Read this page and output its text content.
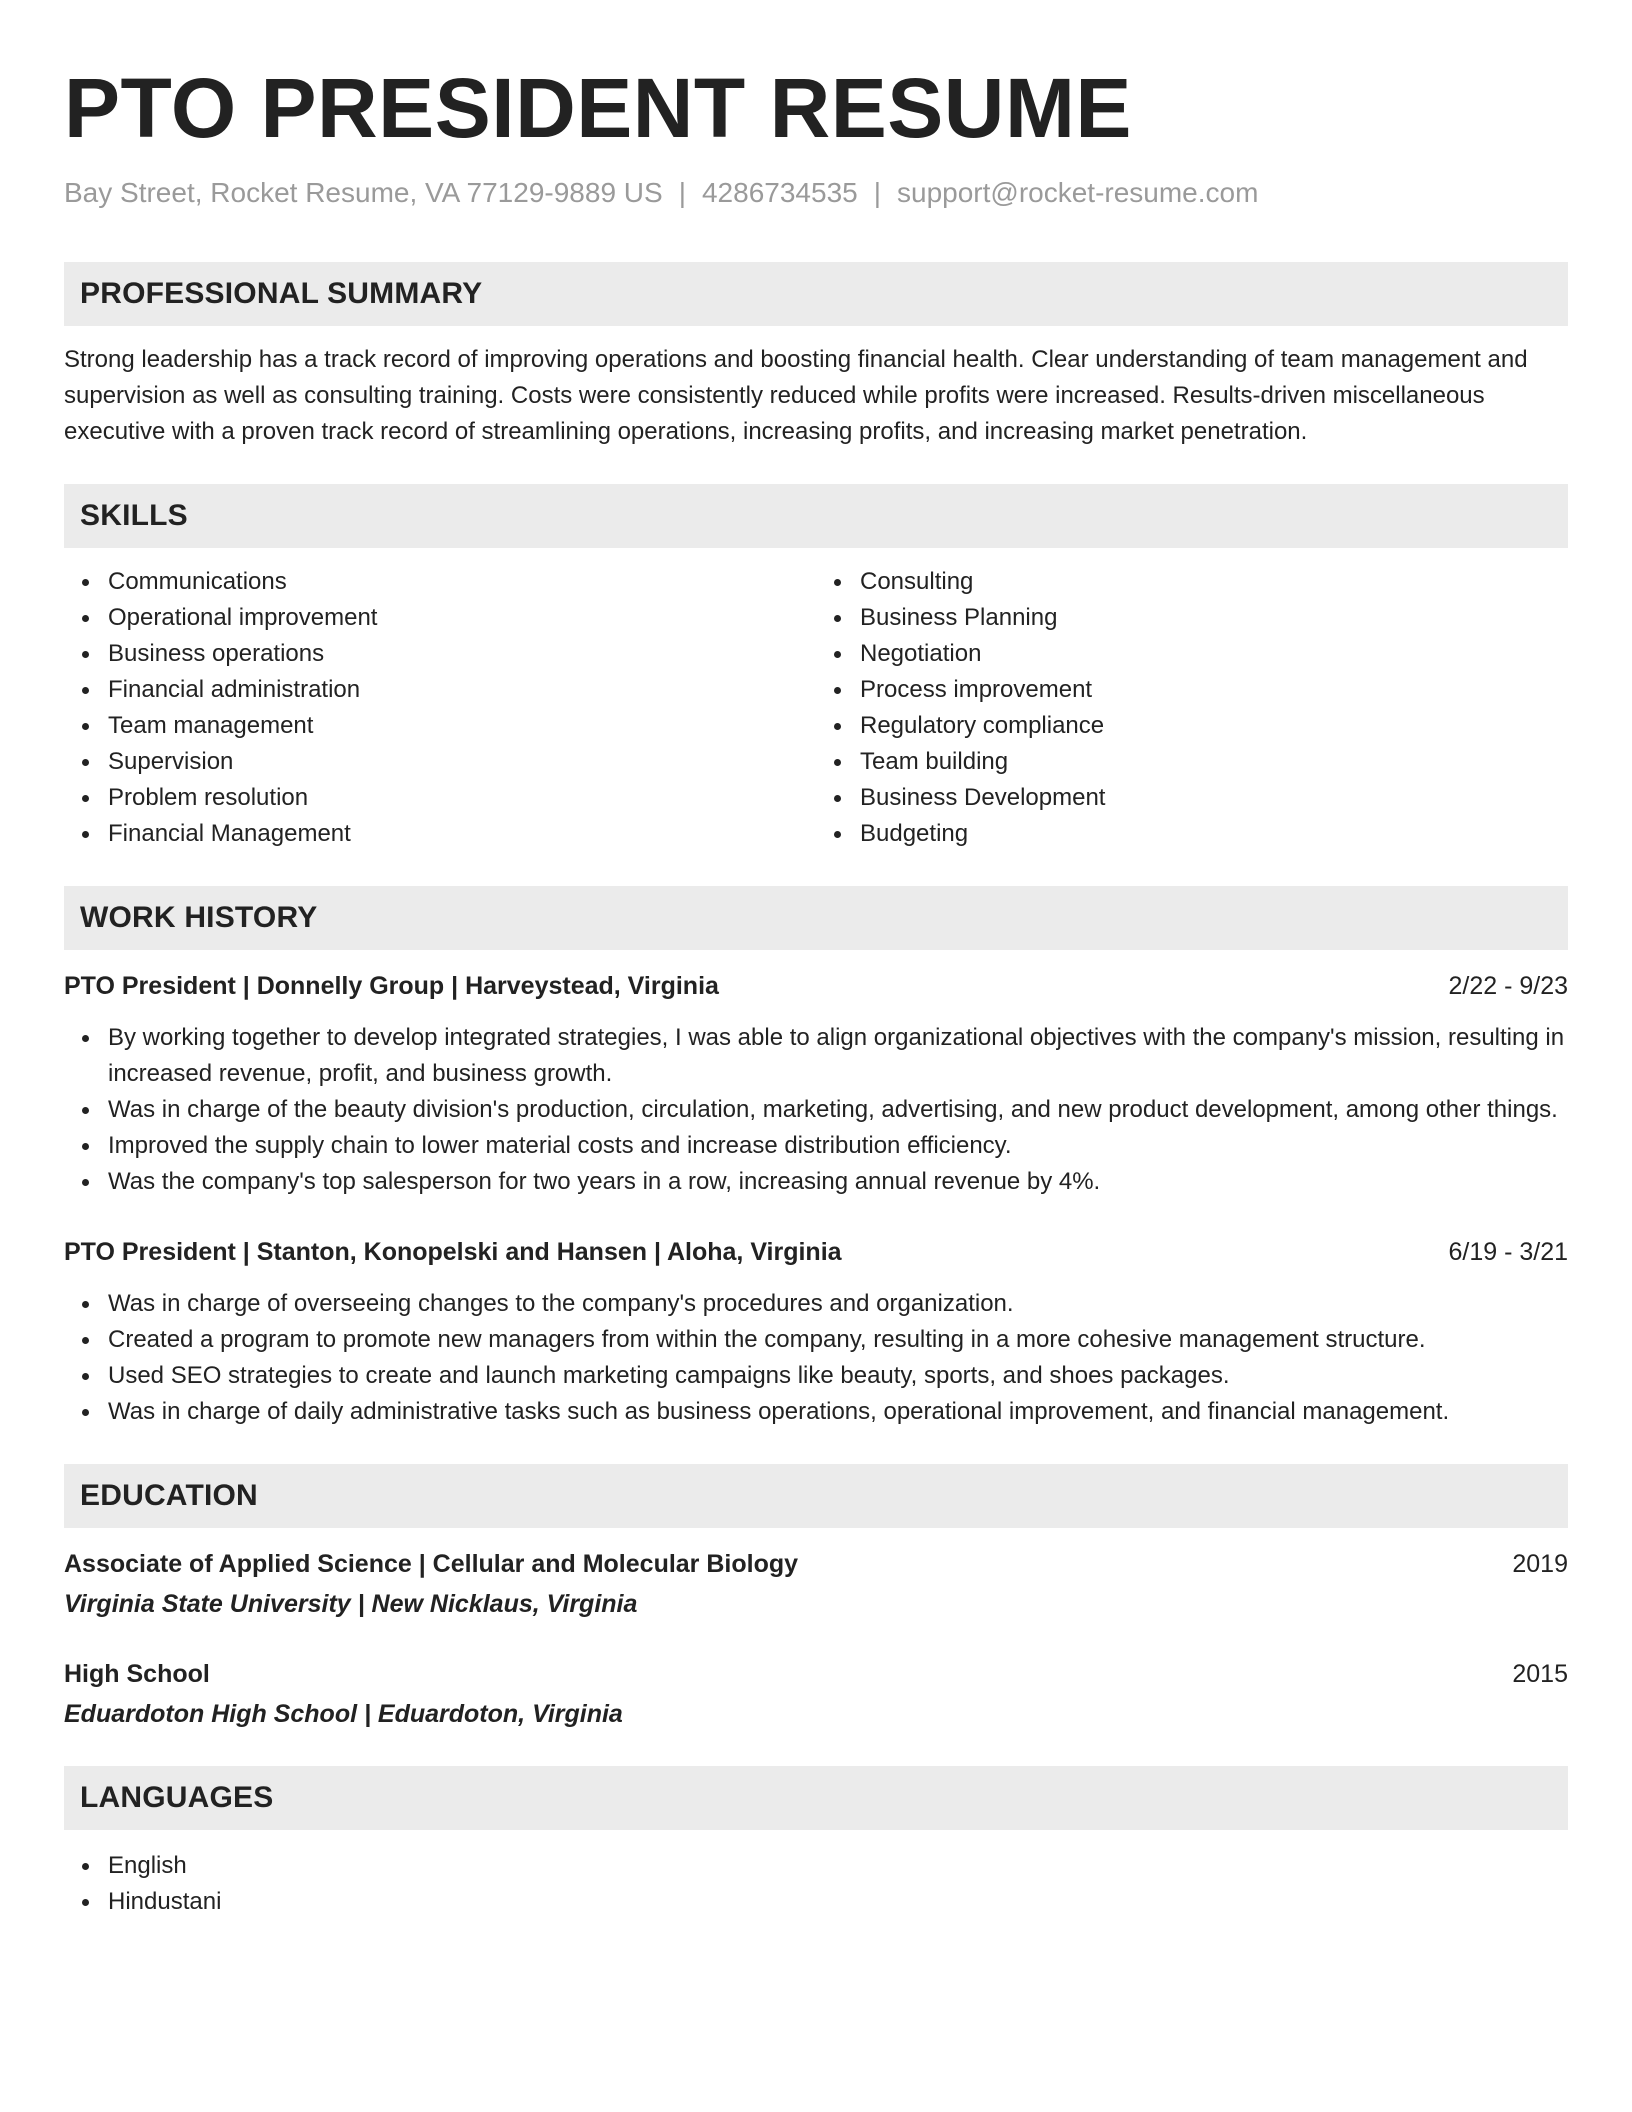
PTO PRESIDENT RESUME
Bay Street, Rocket Resume, VA 77129-9889 US | 4286734535 | support@rocket-resume.com
PROFESSIONAL SUMMARY
Strong leadership has a track record of improving operations and boosting financial health. Clear understanding of team management and supervision as well as consulting training. Costs were consistently reduced while profits were increased. Results-driven miscellaneous executive with a proven track record of streamlining operations, increasing profits, and increasing market penetration.
SKILLS
Communications
Operational improvement
Business operations
Financial administration
Team management
Supervision
Problem resolution
Financial Management
Consulting
Business Planning
Negotiation
Process improvement
Regulatory compliance
Team building
Business Development
Budgeting
WORK HISTORY
PTO President | Donnelly Group | Harveystead, Virginia	2/22 - 9/23
By working together to develop integrated strategies, I was able to align organizational objectives with the company's mission, resulting in increased revenue, profit, and business growth.
Was in charge of the beauty division's production, circulation, marketing, advertising, and new product development, among other things.
Improved the supply chain to lower material costs and increase distribution efficiency.
Was the company's top salesperson for two years in a row, increasing annual revenue by 4%.
PTO President | Stanton, Konopelski and Hansen | Aloha, Virginia	6/19 - 3/21
Was in charge of overseeing changes to the company's procedures and organization.
Created a program to promote new managers from within the company, resulting in a more cohesive management structure.
Used SEO strategies to create and launch marketing campaigns like beauty, sports, and shoes packages.
Was in charge of daily administrative tasks such as business operations, operational improvement, and financial management.
EDUCATION
Associate of Applied Science | Cellular and Molecular Biology	2019
Virginia State University | New Nicklaus, Virginia
High School	2015
Eduardoton High School | Eduardoton, Virginia
LANGUAGES
English
Hindustani
